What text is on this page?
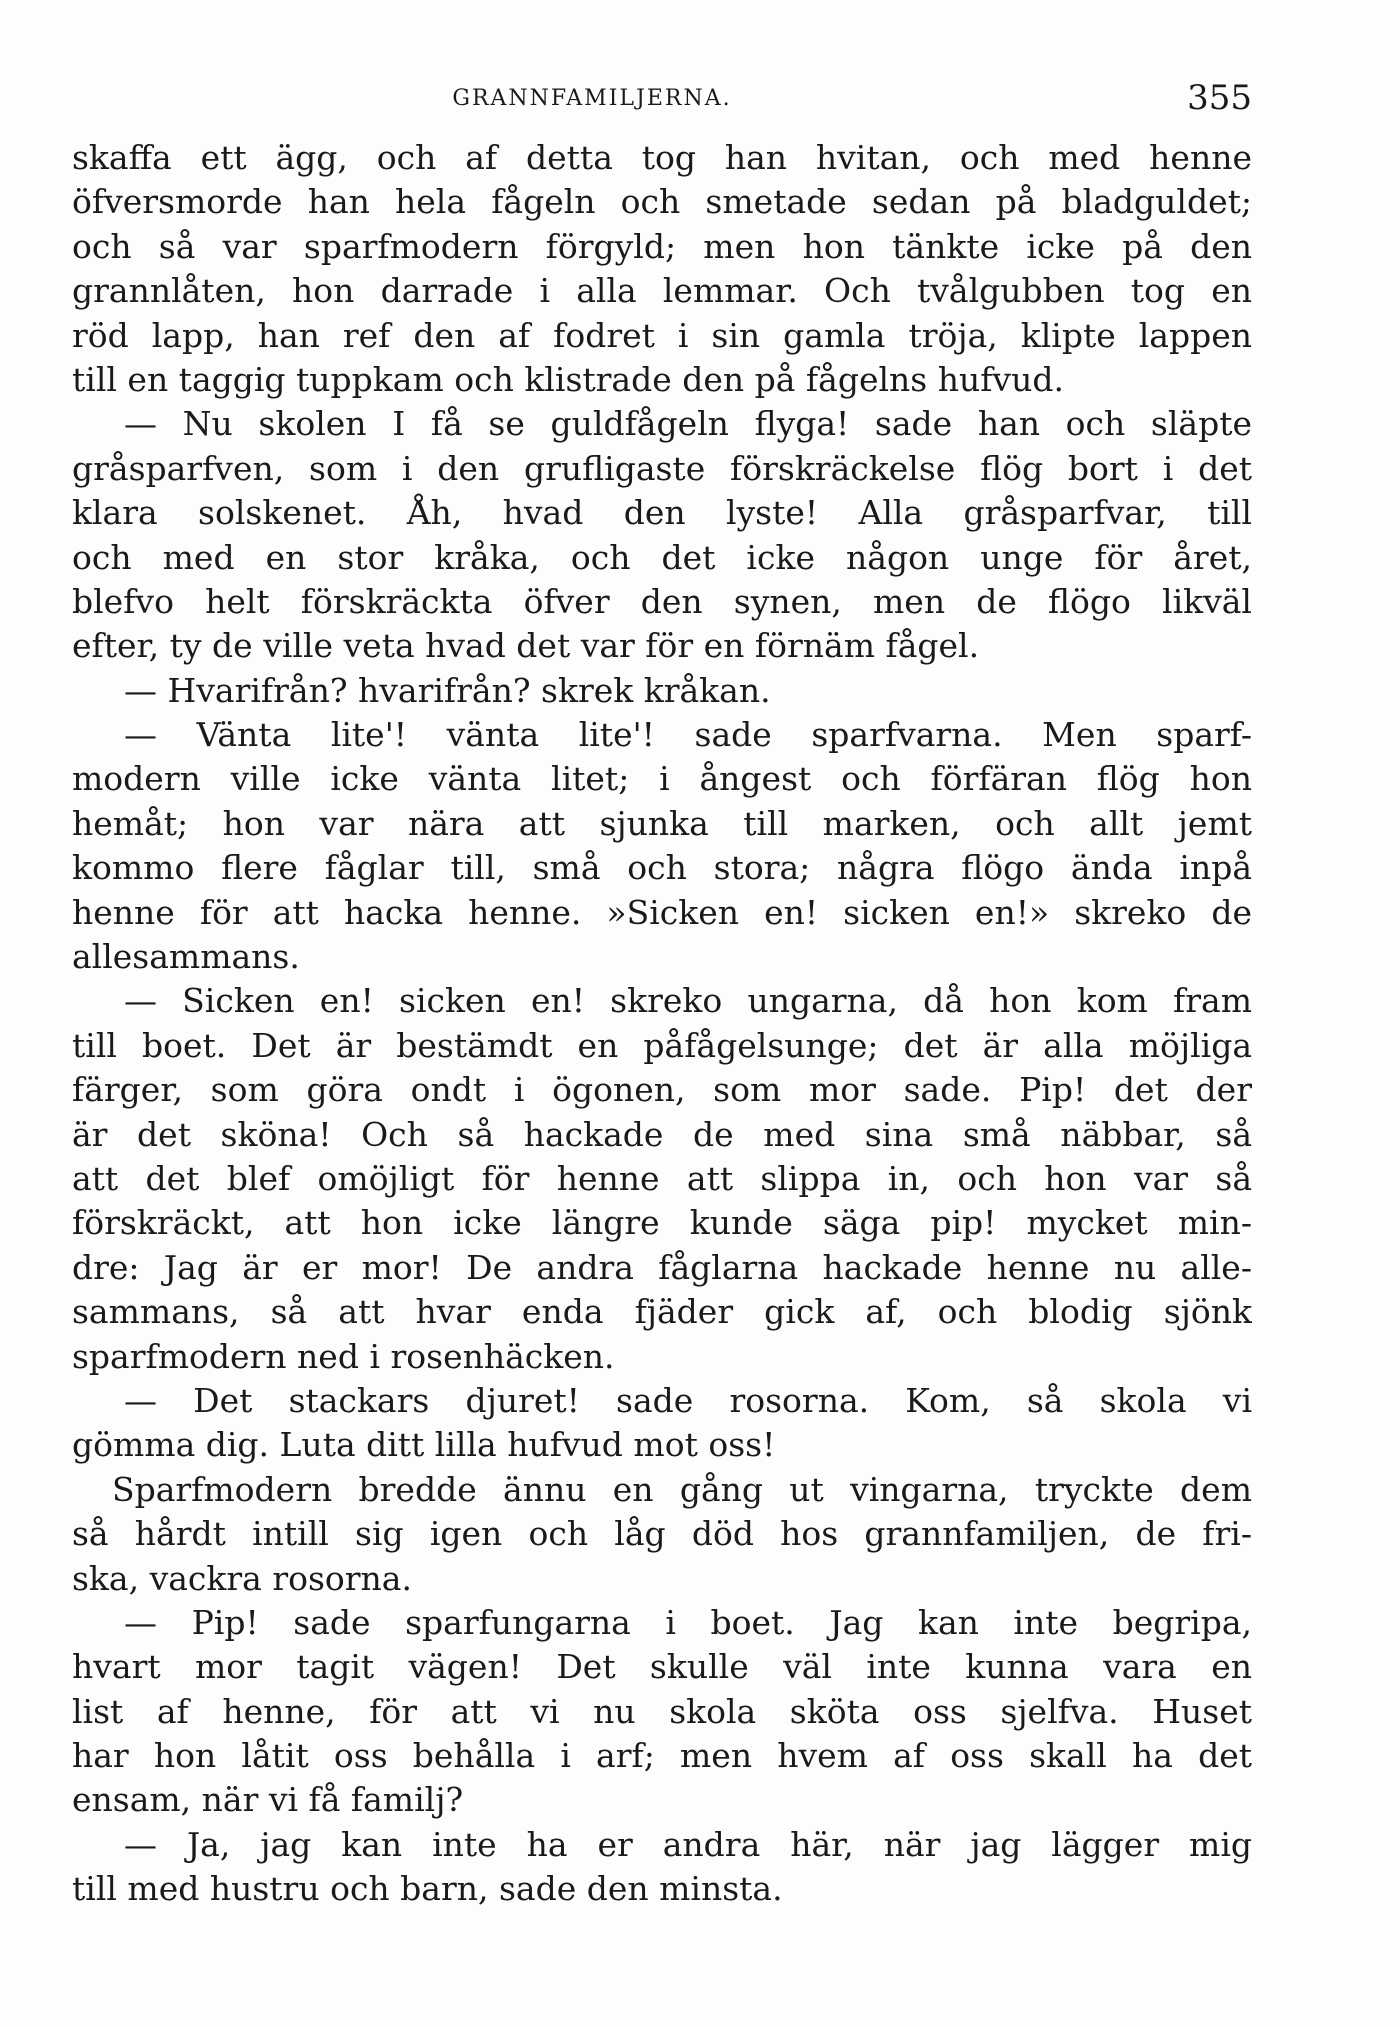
GRANNFAMILJERNA.	355
skaffa ett ägg, och af detta tog han hvitan, och med henne
öfversmorde han hela fågeln och smetade sedan på bladguldet;
och så var sparfmodern förgyld; men hon tänkte icke på den
grannlåten, hon darrade i alla lemmar. Och tvålgubben tog en
röd lapp, han ref den af fodret i sin gamla tröja, klipte lappen
till en taggig tuppkam och klistrade den på fågelns hufvud.
— Nu skolen I få se guldfågeln flyga! sade han och släpte
gråsparfven, som i den grufligaste förskräckelse flög bort i det
klara solskenet. Åh, hvad den lyste! Alla gråsparfvar, till
och med en stor kråka, och det icke någon unge för året,
blefvo helt förskräckta öfver den synen, men de flögo likväl
efter, ty de ville veta hvad det var för en förnäm fågel.
— Hvarifrån? hvarifrån? skrek kråkan.
— Vänta lite'! vänta lite'! sade sparfvarna. Men sparf-
modern ville icke vänta litet; i ångest och förfäran flög hon
hemåt; hon var nära att sjunka till marken, och allt jemt
kommo flere fåglar till, små och stora; några flögo ända inpå
henne för att hacka henne. »Sicken en! sicken en!» skreko de
allesammans.
— Sicken en! sicken en! skreko ungarna, då hon kom fram
till boet. Det är bestämdt en påfågelsunge; det är alla möjliga
färger, som göra ondt i ögonen, som mor sade. Pip! det der
är det sköna! Och så hackade de med sina små näbbar, så
att det blef omöjligt för henne att slippa in, och hon var så
förskräckt, att hon icke längre kunde säga pip! mycket min-
dre: Jag är er mor! De andra fåglarna hackade henne nu alle-
sammans, så att hvar enda fjäder gick af, och blodig sjönk
sparfmodern ned i rosenhäcken.
— Det stackars djuret! sade rosorna. Kom, så skola vi
gömma dig. Luta ditt lilla hufvud mot oss!
Sparfmodern bredde ännu en gång ut vingarna, tryckte dem
så hårdt intill sig igen och låg död hos grannfamiljen, de fri-
ska, vackra rosorna.
— Pip! sade sparfungarna i boet. Jag kan inte begripa,
hvart mor tagit vägen! Det skulle väl inte kunna vara en
list af henne, för att vi nu skola sköta oss sjelfva. Huset
har hon låtit oss behålla i arf; men hvem af oss skall ha det
ensam, när vi få familj?
— Ja, jag kan inte ha er andra här, när jag lägger mig
till med hustru och barn, sade den minsta.
